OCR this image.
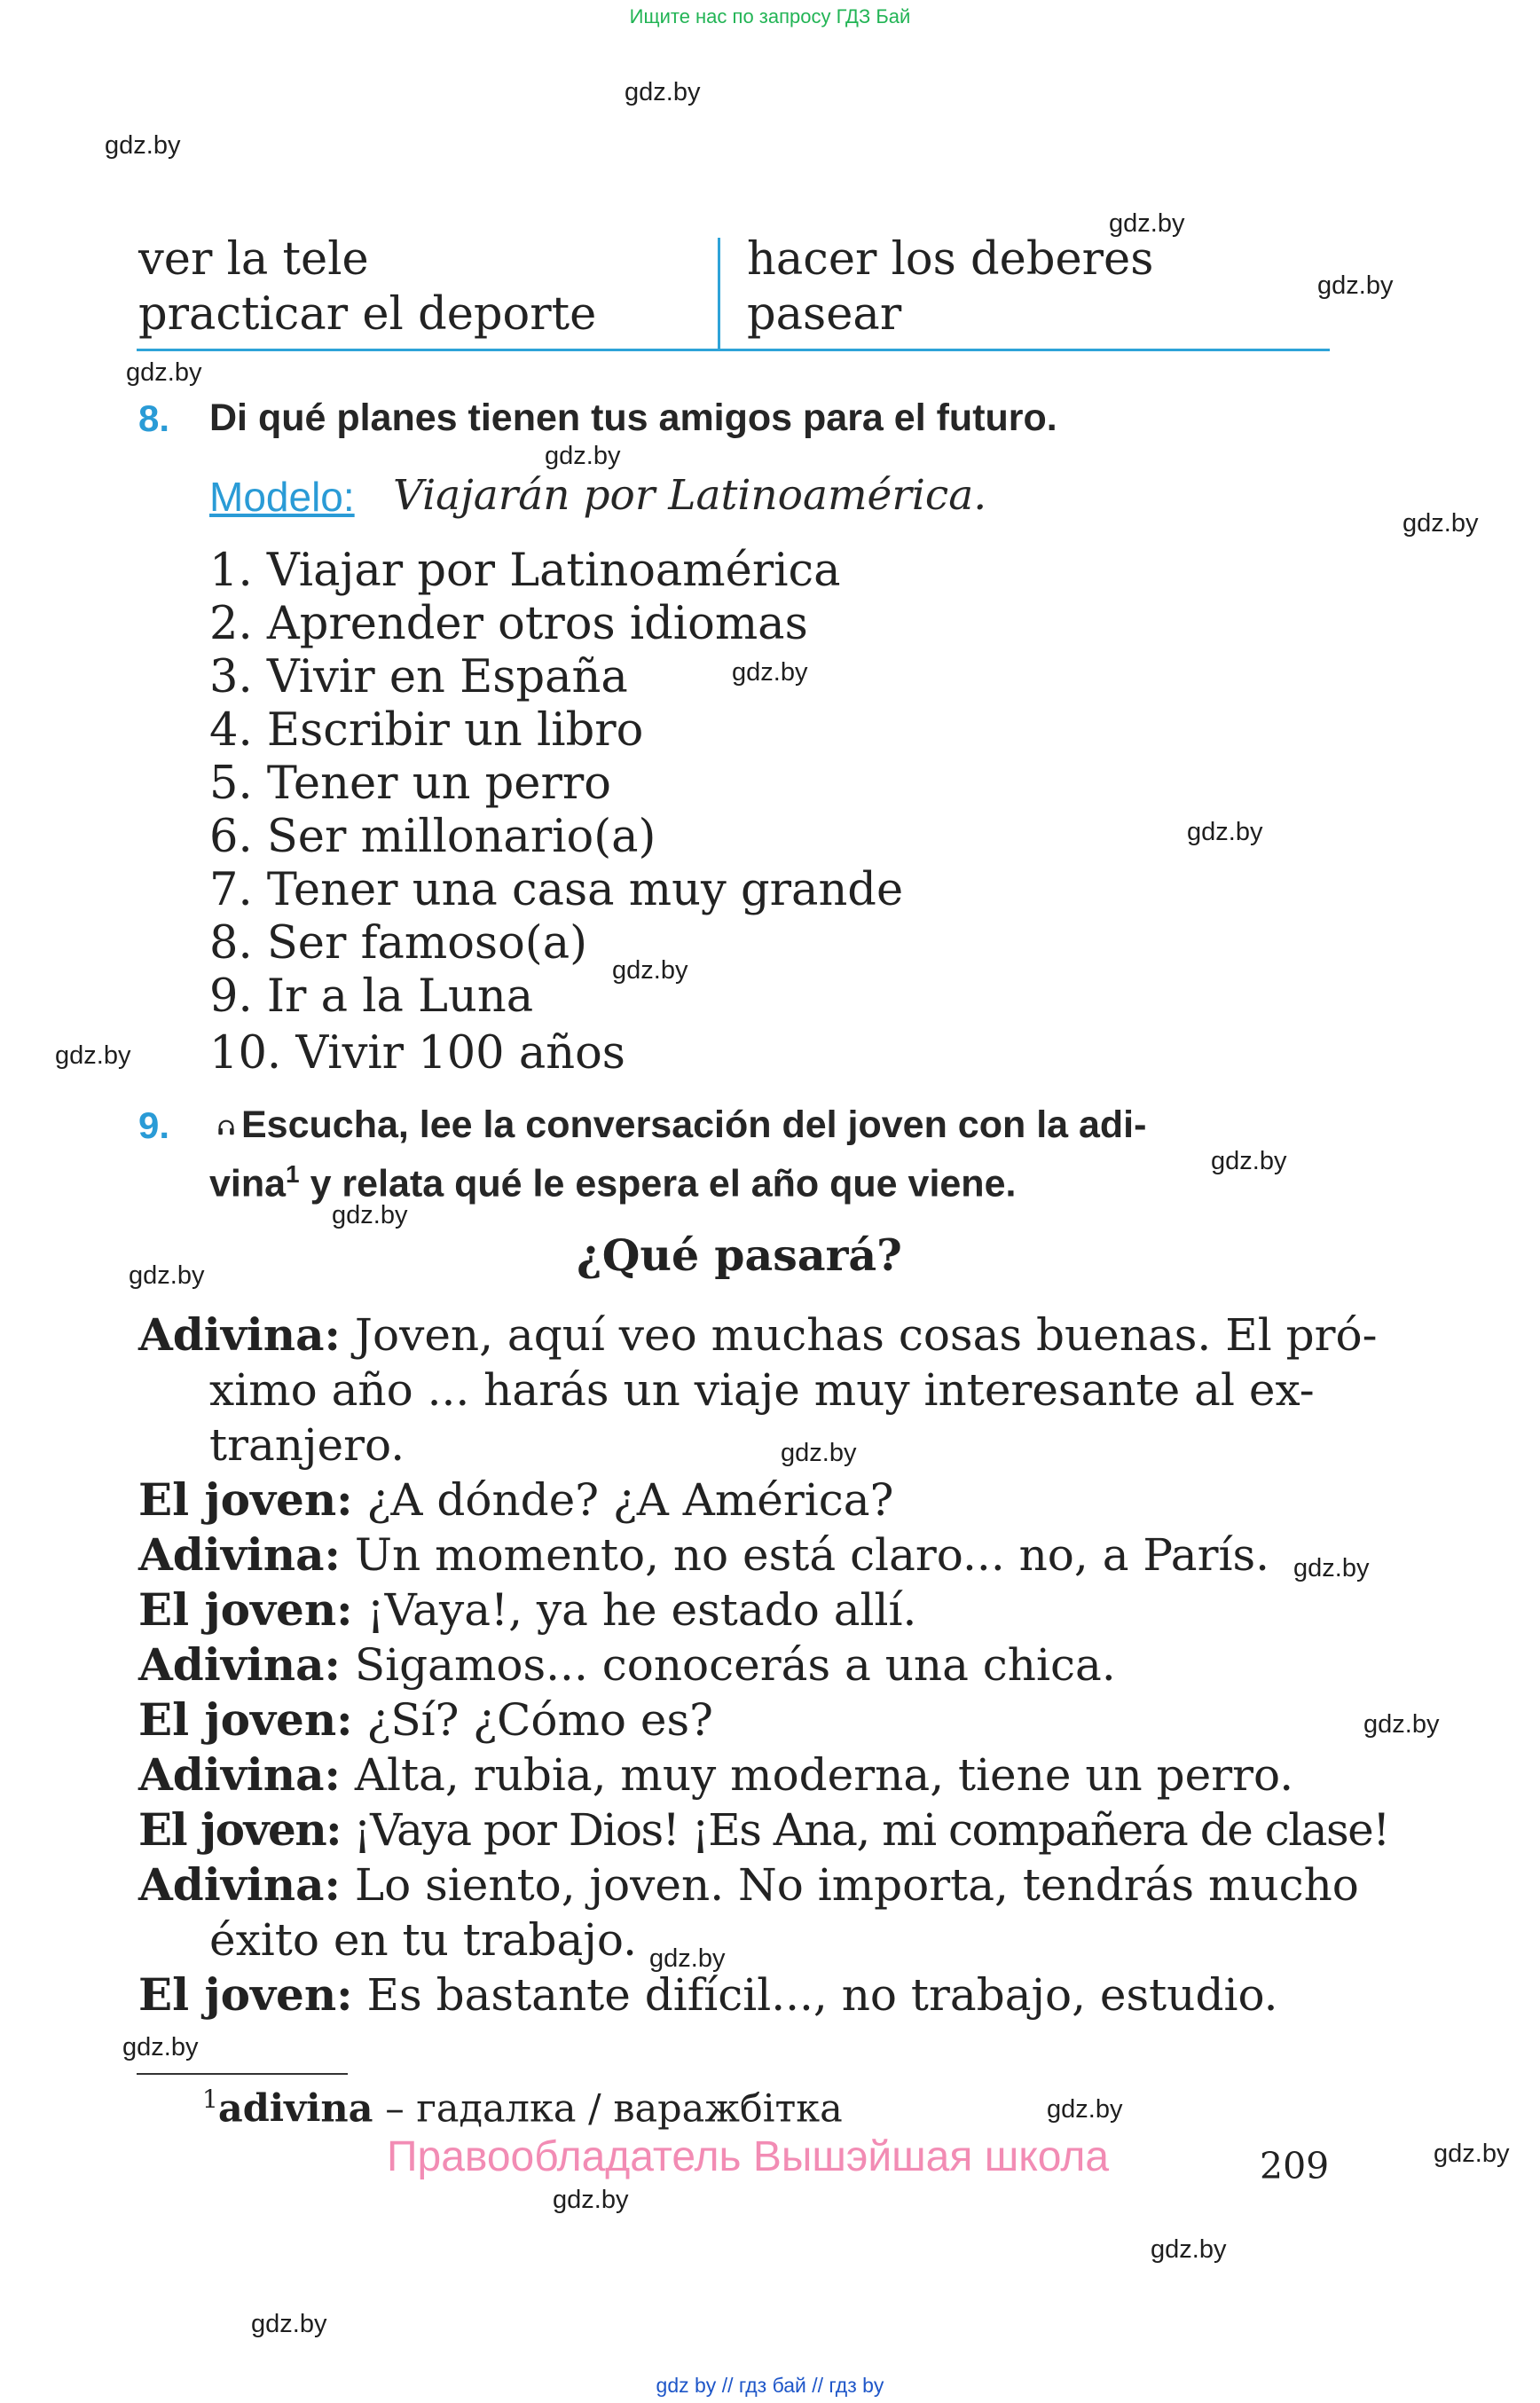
Ищите нас по запросу ГДЗ Бай
gdz.by
gdz.by
gdz.by
gdz.by
gdz.by
gdz.by
gdz.by
gdz.by
gdz.by
gdz.by
gdz.by
gdz.by
gdz.by
gdz.by
gdz.by
gdz.by
gdz.by
gdz.by
gdz.by
gdz.by
gdz.by
gdz.by
gdz.by
gdz.by
ver la tele
practicar el deporte
hacer los deberes
pasear
8. Di qué planes tienen tus amigos para el futuro.
Modelo: Viajarán por Latinoamérica.
1. Viajar por Latinoamérica
2. Aprender otros idiomas
3. Vivir en España
4. Escribir un libro
5. Tener un perro
6. Ser millonario(a)
7. Tener una casa muy grande
8. Ser famoso(a)
9. Ir a la Luna
10. Vivir 100 años
9.	Escucha, lee la conversación del joven con la adi-
vina$^1$ y relata qué le espera el año que viene.
¿Qué pasará?
Adivina: Joven, aquí veo muchas cosas buenas. El pró-
ximo año ... harás un viaje muy interesante al ex-
tranjero.
El joven: ¿A dónde? ¿A América?
Adivina: Un momento, no está claro... no, a París.
El joven: ¡Vaya!, ya he estado allí.
Adivina: Sigamos... conocerás a una chica.
El joven: ¿Sí? ¿Cómo es?
Adivina: Alta, rubia, muy moderna, tiene un perro.
El joven: ¡Vaya por Dios! ¡Es Ana, mi compañera de clase!
Adivina: Lo siento, joven. No importa, tendrás mucho
éxito en tu trabajo.
El joven: Es bastante difícil..., no trabajo, estudio.
$^1$adivina – гадалка / варажбітка
Правообладатель Вышэйшая школа	209
gdz by // гдз бай // гдз by
